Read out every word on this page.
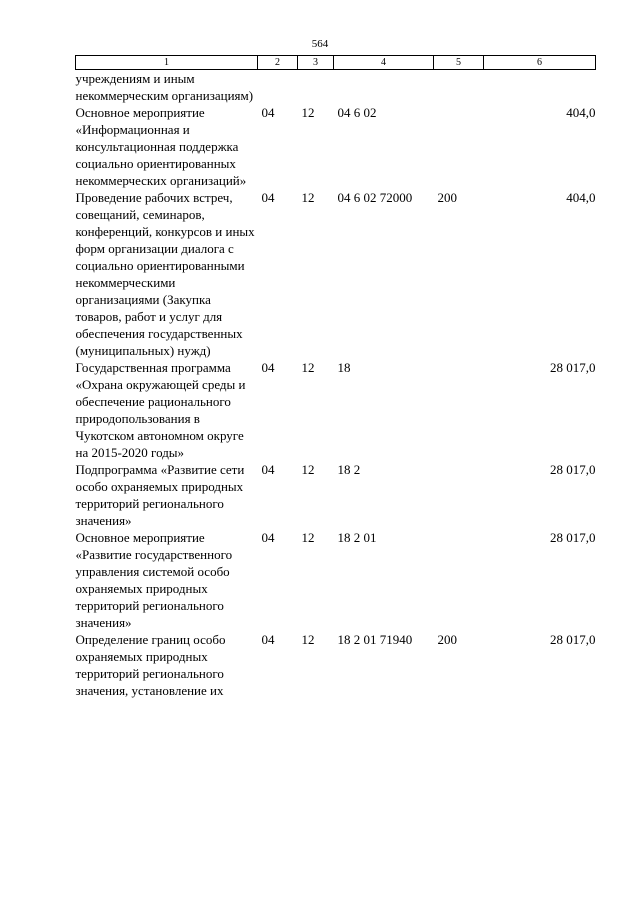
564
1	2	3	4	5	6
учреждениям и иным некоммерческим организациям)					
Основное мероприятие «Информационная и консультационная поддержка социально ориентированных некоммерческих организаций»	04	12	04 6 02		404,0
Проведение рабочих встреч, совещаний, семинаров, конференций, конкурсов и иных форм организации диалога с социально ориентированными некоммерческими организациями (Закупка товаров, работ и услуг для обеспечения государственных (муниципальных) нужд)	04	12	04 6 02 72000	200	404,0
Государственная программа «Охрана окружающей среды и обеспечение рационального природопользования в Чукотском автономном округе на 2015-2020 годы»	04	12	18		28 017,0
Подпрограмма «Развитие сети особо охраняемых природных территорий регионального значения»	04	12	18 2		28 017,0
Основное мероприятие «Развитие государственного управления системой особо охраняемых природных территорий регионального значения»	04	12	18 2 01		28 017,0
Определение границ особо охраняемых природных территорий регионального значения, установление их	04	12	18 2 01 71940	200	28 017,0
